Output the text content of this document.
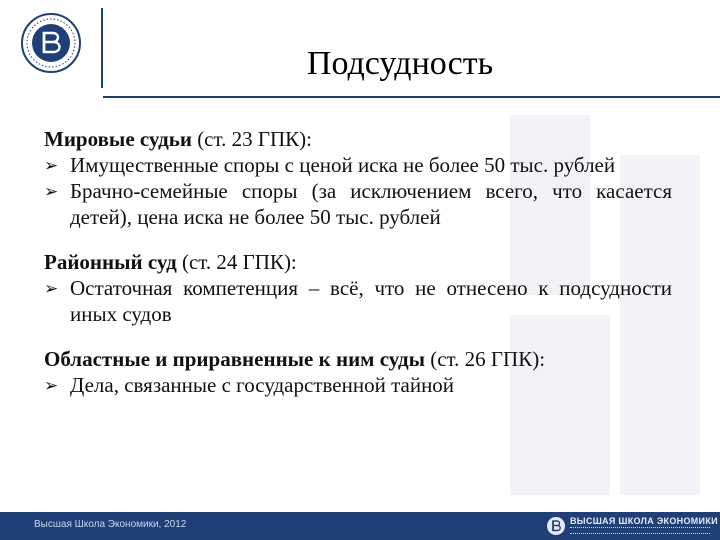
Подсудность

Мировые судьи (ст. 23 ГПК):

➢ Имущественные споры с ценой иска не более 50 тыс. рублей

➢ Брачно-семейные споры (за исключением всего, что касается детей), цена иска не более 50 тыс. рублей

Районный суд (ст. 24 ГПК):

➢ Остаточная компетенция – всё, что не отнесено к подсудности иных судов

Областные и приравненные к ним суды (ст. 26 ГПК):

➢ Дела, связанные с государственной тайной

Высшая Школа Экономики, 2012	ВЫСШАЯ ШКОЛА ЭКОНОМИКИ
